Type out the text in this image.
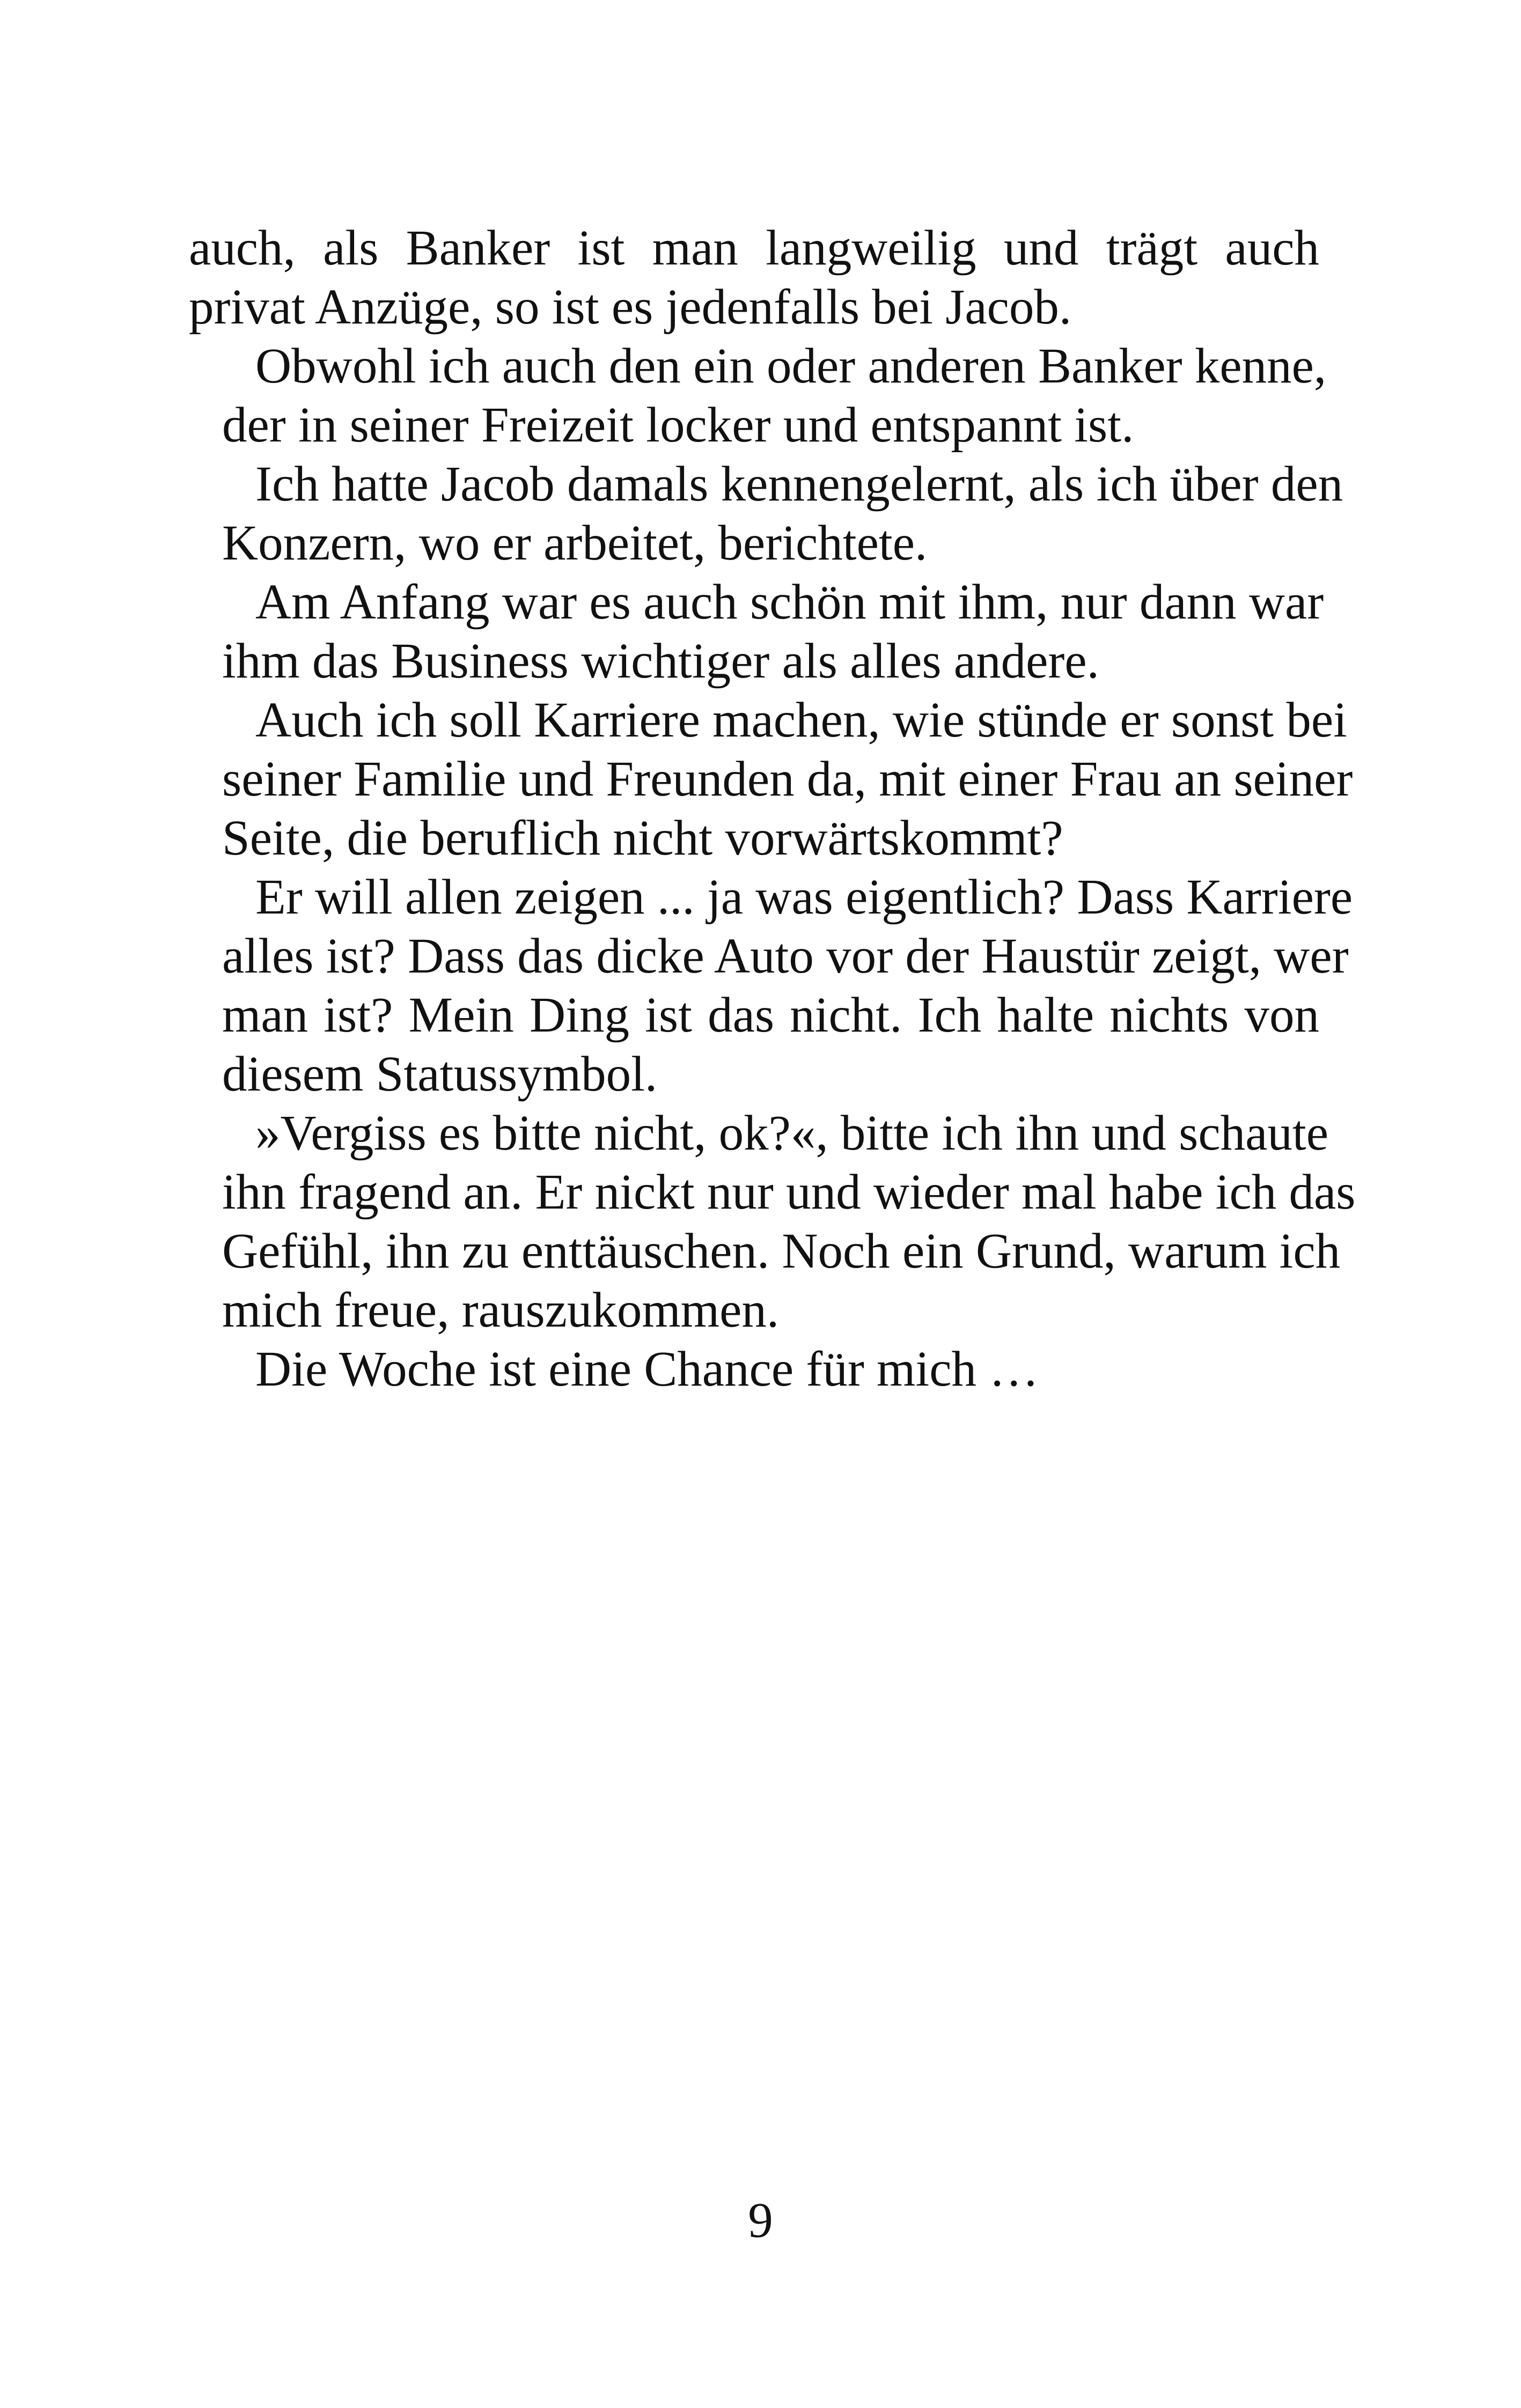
auch, als Banker ist man langweilig und trägt auch
privat Anzüge, so ist es jedenfalls bei Jacob.

Obwohl ich auch den ein oder anderen Banker kenne,
der in seiner Freizeit locker und entspannt ist.

Ich hatte Jacob damals kennengelernt, als ich über den
Konzern, wo er arbeitet, berichtete.

Am Anfang war es auch schön mit ihm, nur dann war
ihm das Business wichtiger als alles andere.

Auch ich soll Karriere machen, wie stünde er sonst bei
seiner Familie und Freunden da, mit einer Frau an seiner
Seite, die beruflich nicht vorwärtskommt?

Er will allen zeigen ... ja was eigentlich? Dass Karriere
alles ist? Dass das dicke Auto vor der Haustür zeigt, wer
man ist? Mein Ding ist das nicht. Ich halte nichts von
diesem Statussymbol.

»Vergiss es bitte nicht, ok?«, bitte ich ihn und schaute
ihn fragend an. Er nickt nur und wieder mal habe ich das
Gefühl, ihn zu enttäuschen. Noch ein Grund, warum ich
mich freue, rauszukommen.

Die Woche ist eine Chance für mich …

9
